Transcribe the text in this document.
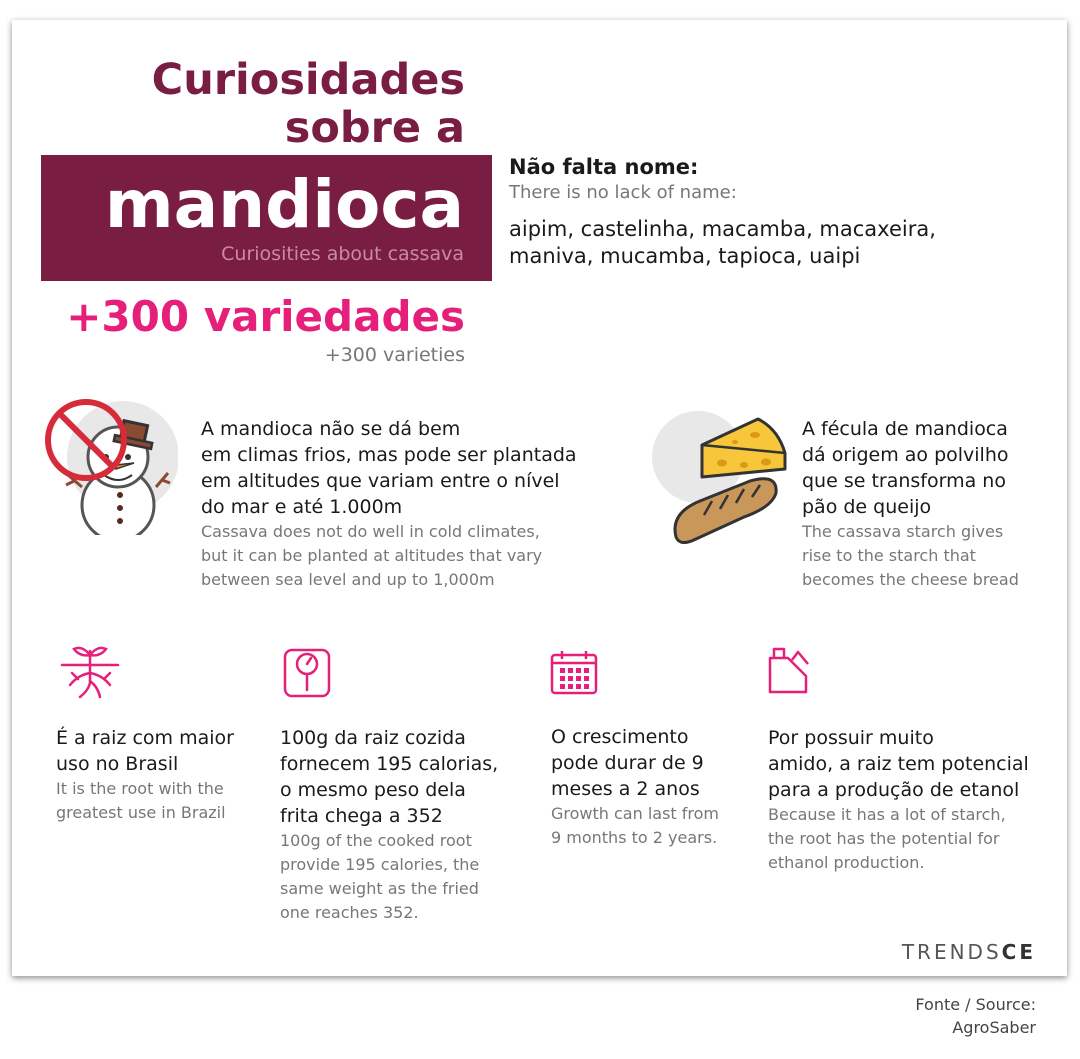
Curiosidades
sobre a
mandioca
Curiosities about cassava
+300 variedades
+300 varieties
Não falta nome:
There is no lack of name:
aipim, castelinha, macamba, macaxeira,
maniva, mucamba, tapioca, uaipi
A mandioca não se dá bem
em climas frios, mas pode ser plantada
em altitudes que variam entre o nível
do mar e até 1.000m
Cassava does not do well in cold climates,
but it can be planted at altitudes that vary
between sea level and up to 1,000m
A fécula de mandioca
dá origem ao polvilho
que se transforma no
pão de queijo
The cassava starch gives
rise to the starch that
becomes the cheese bread
É a raiz com maior
uso no Brasil
It is the root with the
greatest use in Brazil
100g da raiz cozida
fornecem 195 calorias,
o mesmo peso dela
frita chega a 352
100g of the cooked root
provide 195 calories, the
same weight as the fried
one reaches 352.
O crescimento
pode durar de 9
meses a 2 anos
Growth can last from
9 months to 2 years.
Por possuir muito
amido, a raiz tem potencial
para a produção de etanol
Because it has a lot of starch,
the root has the potential for
ethanol production.
TRENDSCE
Fonte / Source:
AgroSaber
